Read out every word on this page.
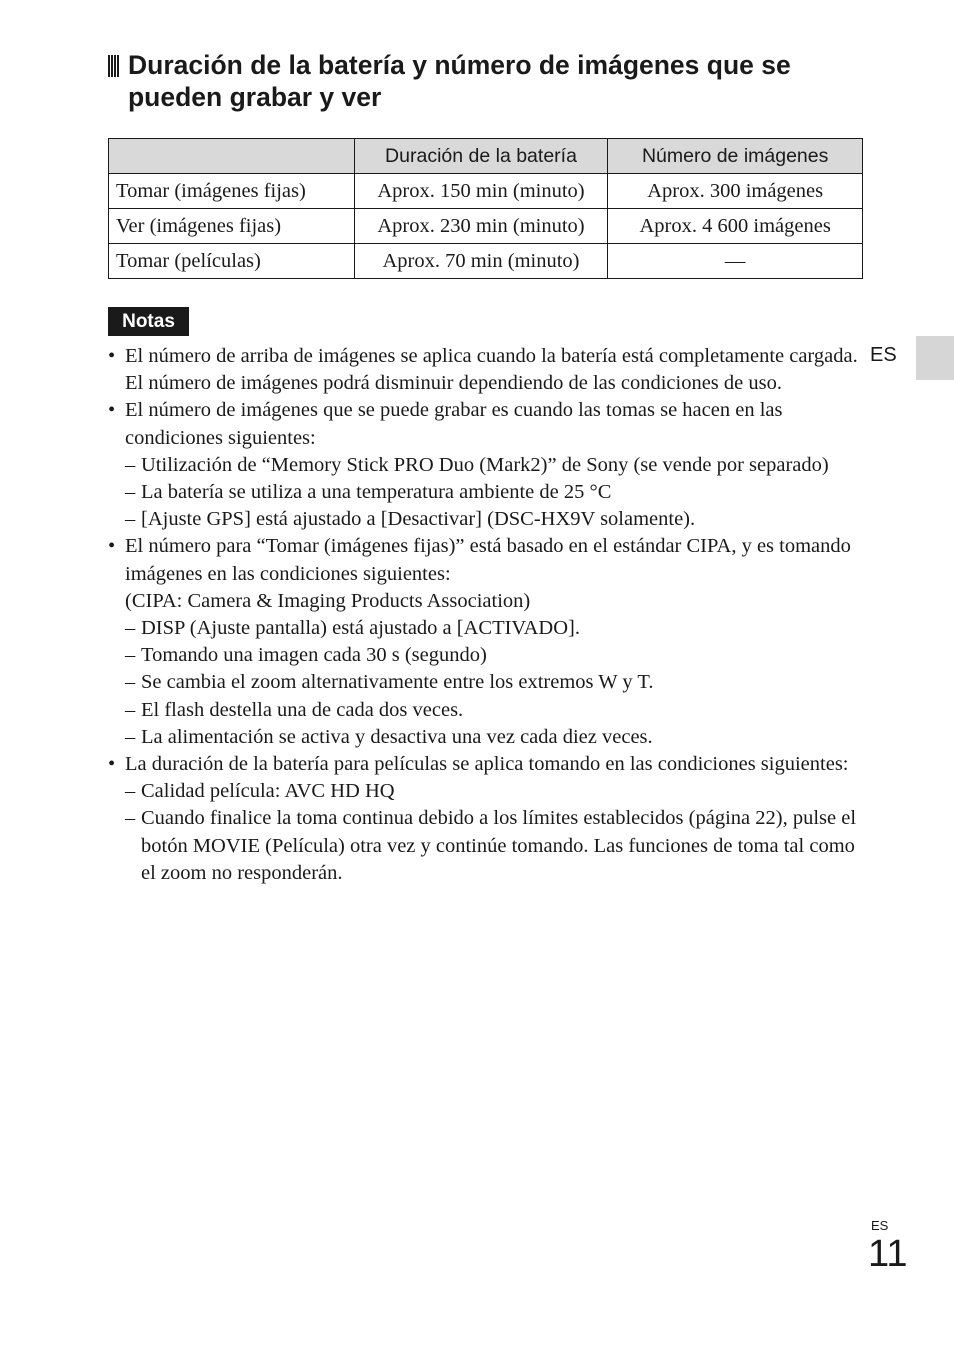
Duración de la batería y número de imágenes que se pueden grabar y ver
	Duración de la batería	Número de imágenes
Tomar (imágenes fijas)	Aprox. 150 min (minuto)	Aprox. 300 imágenes
Ver (imágenes fijas)	Aprox. 230 min (minuto)	Aprox. 4 600 imágenes
Tomar (películas)	Aprox. 70 min (minuto)	—
Notas
• El número de arriba de imágenes se aplica cuando la batería está completamente cargada. El número de imágenes podrá disminuir dependiendo de las condiciones de uso.
• El número de imágenes que se puede grabar es cuando las tomas se hacen en las condiciones siguientes:
– Utilización de “Memory Stick PRO Duo (Mark2)” de Sony (se vende por separado)
– La batería se utiliza a una temperatura ambiente de 25 °C
– [Ajuste GPS] está ajustado a [Desactivar] (DSC-HX9V solamente).
• El número para “Tomar (imágenes fijas)” está basado en el estándar CIPA, y es tomando imágenes en las condiciones siguientes:
(CIPA: Camera & Imaging Products Association)
– DISP (Ajuste pantalla) está ajustado a [ACTIVADO].
– Tomando una imagen cada 30 s (segundo)
– Se cambia el zoom alternativamente entre los extremos W y T.
– El flash destella una de cada dos veces.
– La alimentación se activa y desactiva una vez cada diez veces.
• La duración de la batería para películas se aplica tomando en las condiciones siguientes:
– Calidad película: AVC HD HQ
– Cuando finalice la toma continua debido a los límites establecidos (página 22), pulse el botón MOVIE (Película) otra vez y continúe tomando. Las funciones de toma tal como el zoom no responderán.
ES
ES
11
